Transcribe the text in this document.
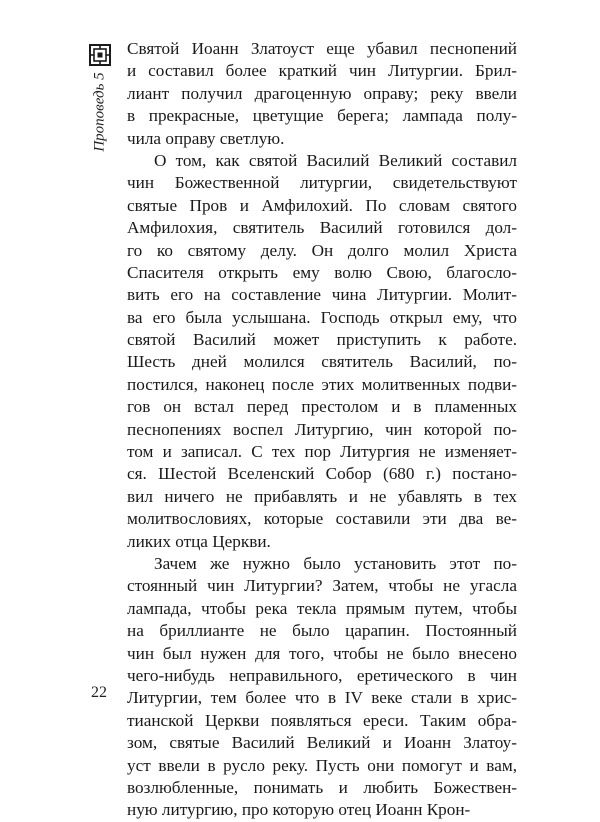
Проповедь 5
Святой Иоанн Златоуст еще убавил песнопений
и составил более краткий чин Литургии. Брил-
лиант получил драгоценную оправу; реку ввели
в прекрасные, цветущие берега; лампада полу-
чила оправу светлую.
О том, как святой Василий Великий составил
чин Божественной литургии, свидетельствуют
святые Пров и Амфилохий. По словам святого
Амфилохия, святитель Василий готовился дол-
го ко святому делу. Он долго молил Христа
Спасителя открыть ему волю Свою, благосло-
вить его на составление чина Литургии. Молит-
ва его была услышана. Господь открыл ему, что
святой Василий может приступить к работе.
Шесть дней молился святитель Василий, по-
постился, наконец после этих молитвенных подви-
гов он встал перед престолом и в пламенных
песнопениях воспел Литургию, чин которой по-
том и записал. С тех пор Литургия не изменяет-
ся. Шестой Вселенский Собор (680 г.) постано-
вил ничего не прибавлять и не убавлять в тех
молитвословиях, которые составили эти два ве-
ликих отца Церкви.
Зачем же нужно было установить этот по-
стоянный чин Литургии? Затем, чтобы не угасла
лампада, чтобы река текла прямым путем, чтобы
на бриллианте не было царапин. Постоянный
чин был нужен для того, чтобы не было внесено
чего-нибудь неправильного, еретического в чин
Литургии, тем более что в IV веке стали в хрис-
тианской Церкви появляться ереси. Таким обра-
зом, святые Василий Великий и Иоанн Златоу-
уст ввели в русло реку. Пусть они помогут и вам,
возлюбленные, понимать и любить Божествен-
ную литургию, про которую отец Иоанн Крон-
22
